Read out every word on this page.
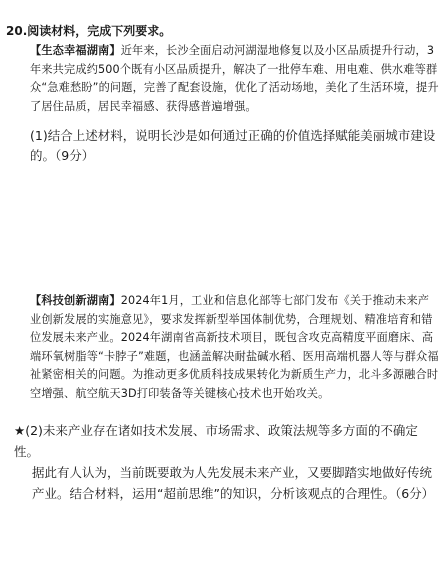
20.阅读材料，完成下列要求。

【生态幸福湖南】近年来，长沙全面启动河湖湿地修复以及小区品质提升行动，3年来共完成约500个既有小区品质提升，解决了一批停车难、用电难、供水难等群众“急难愁盼”的问题，完善了配套设施，优化了活动场地，美化了生活环境，提升了居住品质，居民幸福感、获得感普遍增强。

(1)结合上述材料，说明长沙是如何通过正确的价值选择赋能美丽城市建设的。（9分）

【科技创新湖南】2024年1月，工业和信息化部等七部门发布《关于推动未来产业创新发展的实施意见》，要求发挥新型举国体制优势，合理规划、精准培育和错位发展未来产业。2024年湖南省高新技术项目，既包含攻克高精度平面磨床、高端环氧树脂等“卡脖子”难题，也涵盖解决耐盐碱水稻、医用高端机器人等与群众福祉紧密相关的问题。为推动更多优质科技成果转化为新质生产力，北斗多源融合时空增强、航空航天3D打印装备等关键核心技术也开始攻关。

★(2)未来产业存在诸如技术发展、市场需求、政策法规等多方面的不确定性。

据此有人认为，当前既要敢为人先发展未来产业，又要脚踏实地做好传统产业。结合材料，运用“超前思维”的知识，分析该观点的合理性。（6分）
